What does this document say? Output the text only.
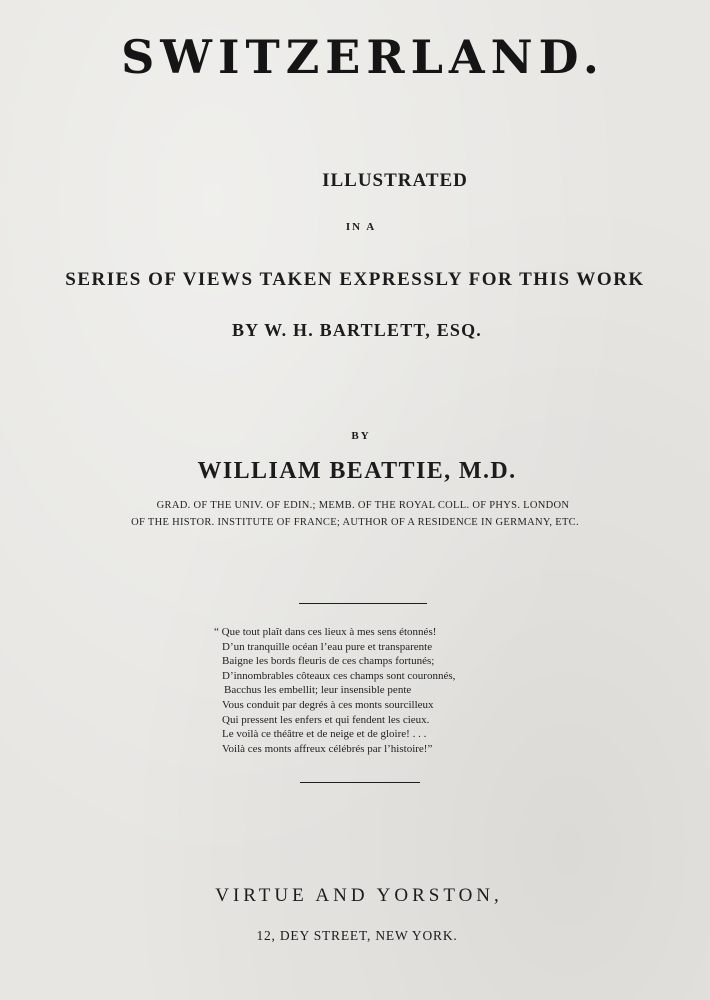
SWITZERLAND.
ILLUSTRATED
IN A
SERIES OF VIEWS TAKEN EXPRESSLY FOR THIS WORK
BY W. H. BARTLETT, ESQ.
BY
WILLIAM BEATTIE, M.D.
GRAD. OF THE UNIV. OF EDIN.; MEMB. OF THE ROYAL COLL. OF PHYS. LONDON
OF THE HISTOR. INSTITUTE OF FRANCE; AUTHOR OF A RESIDENCE IN GERMANY, ETC.
“ Que tout plaît dans ces lieux à mes sens étonnés!
D’un tranquille océan l’eau pure et transparente
Baigne les bords fleuris de ces champs fortunés;
D’innombrables côteaux ces champs sont couronnés,
Bacchus les embellit; leur insensible pente
Vous conduit par degrés à ces monts sourcilleux
Qui pressent les enfers et qui fendent les cieux.
Le voilà ce théâtre et de neige et de gloire! . . .
Voilà ces monts affreux célébrés par l’histoire!”
VIRTUE AND YORSTON,
12, DEY STREET, NEW YORK.
